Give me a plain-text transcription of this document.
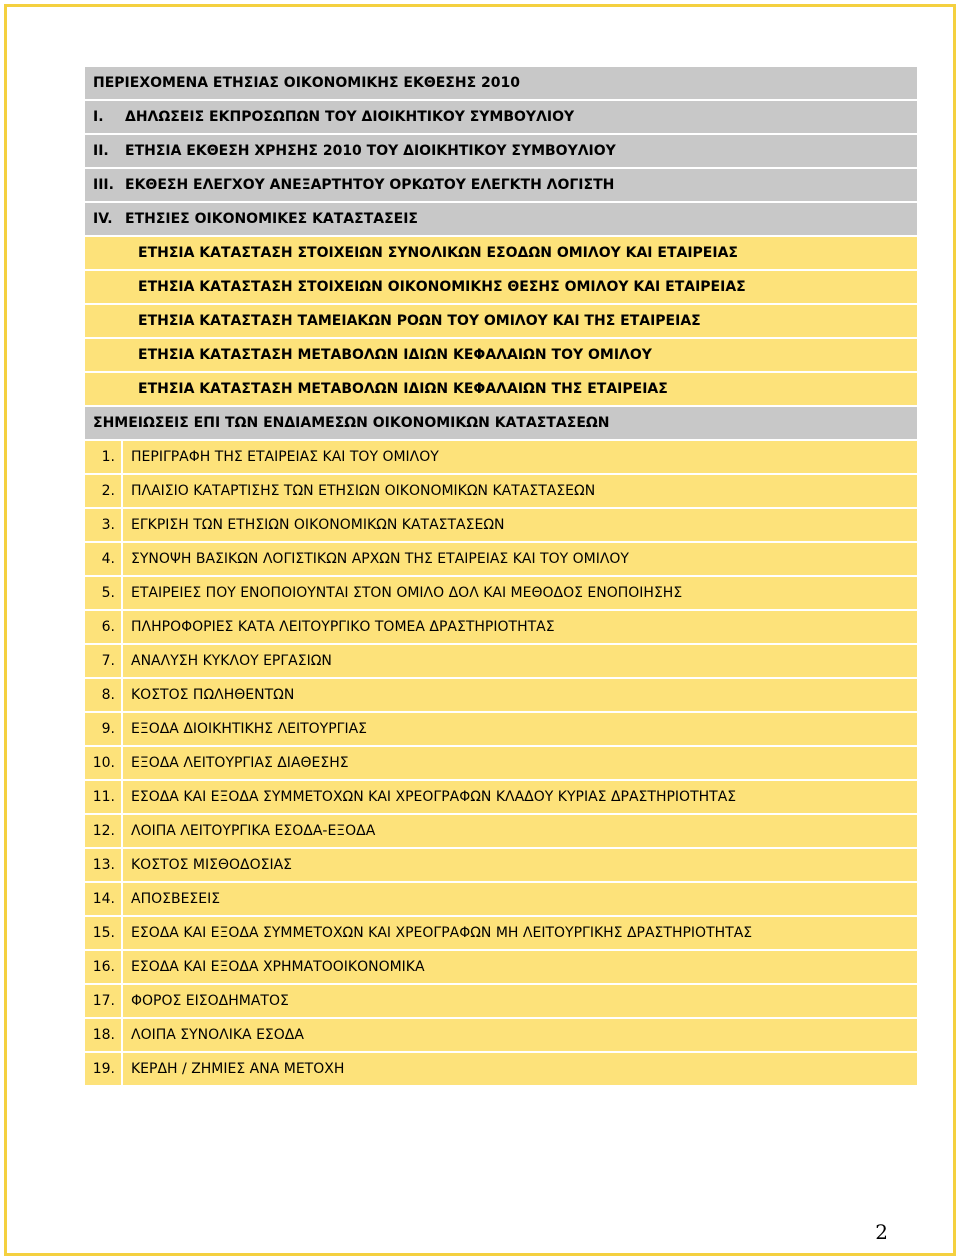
ΠΕΡΙΕΧΟΜΕΝΑ ΕΤΗΣΙΑΣ ΟΙΚΟΝΟΜΙΚΗΣ ΕΚΘΕΣΗΣ 2010
Ι.	ΔΗΛΩΣΕΙΣ ΕΚΠΡΟΣΩΠΩΝ ΤΟΥ ΔΙΟΙΚΗΤΙΚΟΥ ΣΥΜΒΟΥΛΙΟΥ
ΙΙ.	ΕΤΗΣΙΑ ΕΚΘΕΣΗ ΧΡΗΣΗΣ 2010 ΤΟΥ ΔΙΟΙΚΗΤΙΚΟΥ ΣΥΜΒΟΥΛΙΟΥ
ΙΙΙ. ΕΚΘΕΣΗ ΕΛΕΓΧΟΥ ΑΝΕΞΑΡΤΗΤΟΥ ΟΡΚΩΤΟΥ ΕΛΕΓΚΤΗ ΛΟΓΙΣΤΗ
ΙV. ΕΤΗΣΙΕΣ ΟΙΚΟΝΟΜΙΚΕΣ ΚΑΤΑΣΤΑΣΕΙΣ
ΕΤΗΣΙΑ ΚΑΤΑΣΤΑΣΗ ΣΤΟΙΧΕΙΩΝ ΣΥΝΟΛΙΚΩΝ ΕΣΟΔΩΝ ΟΜΙΛΟΥ ΚΑΙ ΕΤΑΙΡΕΙΑΣ
ΕΤΗΣΙΑ ΚΑΤΑΣΤΑΣΗ ΣΤΟΙΧΕΙΩΝ ΟΙΚΟΝΟΜΙΚΗΣ ΘΕΣΗΣ ΟΜΙΛΟΥ ΚΑΙ ΕΤΑΙΡΕΙΑΣ
ΕΤΗΣΙΑ ΚΑΤΑΣΤΑΣΗ ΤΑΜΕΙΑΚΩΝ ΡΟΩΝ ΤΟΥ ΟΜΙΛΟΥ ΚΑΙ ΤΗΣ ΕΤΑΙΡΕΙΑΣ
ΕΤΗΣΙΑ ΚΑΤΑΣΤΑΣΗ ΜΕΤΑΒΟΛΩΝ ΙΔΙΩΝ ΚΕΦΑΛΑΙΩΝ ΤΟΥ ΟΜΙΛΟΥ
ΕΤΗΣΙΑ ΚΑΤΑΣΤΑΣΗ ΜΕΤΑΒΟΛΩΝ ΙΔΙΩΝ ΚΕΦΑΛΑΙΩΝ ΤΗΣ ΕΤΑΙΡΕΙΑΣ
ΣΗΜΕΙΩΣΕΙΣ ΕΠΙ ΤΩΝ ΕΝΔΙΑΜΕΣΩΝ ΟΙΚΟΝΟΜΙΚΩΝ ΚΑΤΑΣΤΑΣΕΩΝ
1.	ΠΕΡΙΓΡΑΦΗ ΤΗΣ ΕΤΑΙΡΕΙΑΣ ΚΑΙ ΤΟΥ ΟΜΙΛΟΥ
2.	ΠΛΑΙΣΙΟ ΚΑΤΑΡΤΙΣΗΣ ΤΩΝ ΕΤΗΣΙΩΝ ΟΙΚΟΝΟΜΙΚΩΝ ΚΑΤΑΣΤΑΣΕΩΝ
3.	ΕΓΚΡΙΣΗ ΤΩΝ ΕΤΗΣΙΩΝ ΟΙΚΟΝΟΜΙΚΩΝ ΚΑΤΑΣΤΑΣΕΩΝ
4.	ΣΥΝΟΨΗ ΒΑΣΙΚΩΝ ΛΟΓΙΣΤΙΚΩΝ ΑΡΧΩΝ ΤΗΣ ΕΤΑΙΡΕΙΑΣ ΚΑΙ ΤΟΥ ΟΜΙΛΟΥ
5.	ΕΤΑΙΡΕΙΕΣ ΠΟΥ ΕΝΟΠΟΙΟΥΝΤΑΙ ΣΤΟΝ ΟΜΙΛΟ ΔΟΛ ΚΑΙ ΜΕΘΟΔΟΣ ΕΝΟΠΟΙΗΣΗΣ
6.	ΠΛΗΡΟΦΟΡΙΕΣ ΚΑΤΑ ΛΕΙΤΟΥΡΓΙΚΟ ΤΟΜΕΑ ΔΡΑΣΤΗΡΙΟΤΗΤΑΣ
7.	ΑΝΑΛΥΣΗ ΚΥΚΛΟΥ ΕΡΓΑΣΙΩΝ
8.	ΚΟΣΤΟΣ ΠΩΛΗΘΕΝΤΩΝ
9.	ΕΞΟΔΑ ΔΙΟΙΚΗΤΙΚΗΣ ΛΕΙΤΟΥΡΓΙΑΣ
10.	ΕΞΟΔΑ ΛΕΙΤΟΥΡΓΙΑΣ ΔΙΑΘΕΣΗΣ
11.	ΕΣΟΔΑ ΚΑΙ ΕΞΟΔΑ ΣΥΜΜΕΤΟΧΩΝ ΚΑΙ ΧΡΕΟΓΡΑΦΩΝ ΚΛΑΔΟΥ ΚΥΡΙΑΣ ΔΡΑΣΤΗΡΙΟΤΗΤΑΣ
12.	ΛΟΙΠΑ ΛΕΙΤΟΥΡΓΙΚΑ ΕΣΟΔΑ-ΕΞΟΔΑ
13.	ΚΟΣΤΟΣ ΜΙΣΘΟΔΟΣΙΑΣ
14.	ΑΠΟΣΒΕΣΕΙΣ
15.	ΕΣΟΔΑ ΚΑΙ ΕΞΟΔΑ ΣΥΜΜΕΤΟΧΩΝ ΚΑΙ ΧΡΕΟΓΡΑΦΩΝ ΜΗ ΛΕΙΤΟΥΡΓΙΚΗΣ ΔΡΑΣΤΗΡΙΟΤΗΤΑΣ
16.	ΕΣΟΔΑ ΚΑΙ ΕΞΟΔΑ ΧΡΗΜΑΤΟΟΙΚΟΝΟΜΙΚΑ
17.	ΦΟΡΟΣ ΕΙΣΟΔΗΜΑΤΟΣ
18.	ΛΟΙΠΑ ΣΥΝΟΛΙΚΑ ΕΣΟΔΑ
19.	ΚΕΡΔΗ / ΖΗΜΙΕΣ ΑΝΑ ΜΕΤΟΧΗ
2
